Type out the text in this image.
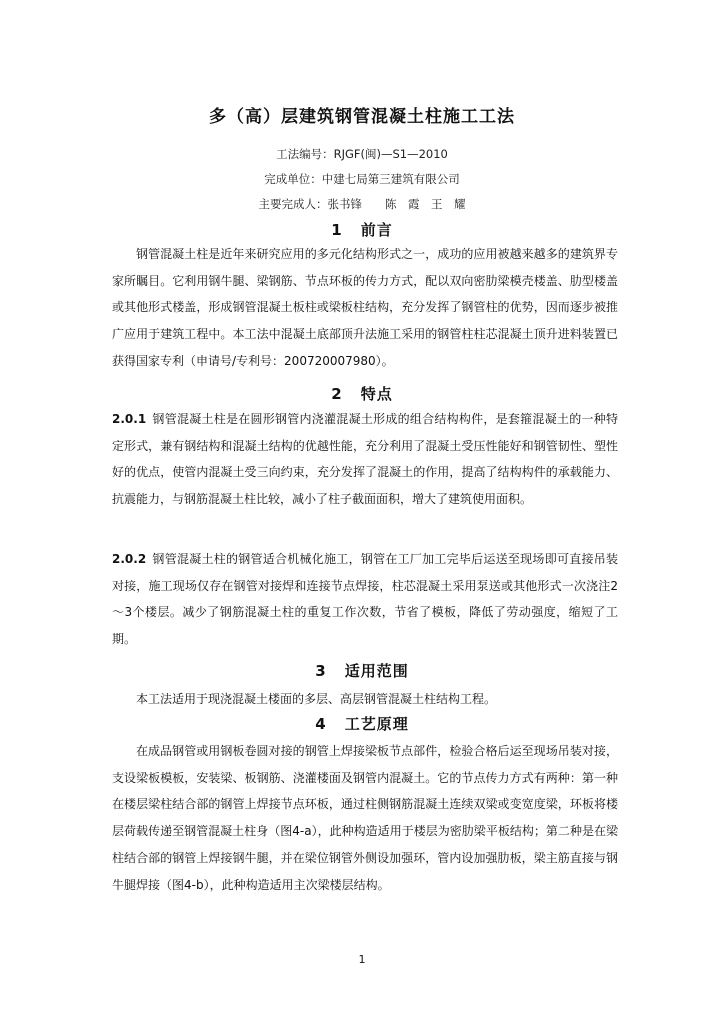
多（高）层建筑钢管混凝土柱施工工法
工法编号：RJGF(闽)—S1—2010
完成单位：中建七局第三建筑有限公司
主要完成人：张书锋　　陈　霞　王　耀
1 前言
钢管混凝土柱是近年来研究应用的多元化结构形式之一，成功的应用被越来越多的建筑界专家所瞩目。它利用钢牛腿、梁钢筋、节点环板的传力方式，配以双向密肋梁模壳楼盖、肋型楼盖或其他形式楼盖，形成钢管混凝土板柱或梁板柱结构，充分发挥了钢管柱的优势，因而逐步被推广应用于建筑工程中。本工法中混凝土底部顶升法施工采用的钢管柱柱芯混凝土顶升进料装置已获得国家专利（申请号/专利号：200720007980）。
2 特点
2.0.1 钢管混凝土柱是在圆形钢管内浇灌混凝土形成的组合结构构件，是套箍混凝土的一种特定形式，兼有钢结构和混凝土结构的优越性能，充分利用了混凝土受压性能好和钢管韧性、塑性好的优点，使管内混凝土受三向约束，充分发挥了混凝土的作用，提高了结构构件的承载能力、抗震能力，与钢筋混凝土柱比较，减小了柱子截面面积，增大了建筑使用面积。
2.0.2 钢管混凝土柱的钢管适合机械化施工，钢管在工厂加工完毕后运送至现场即可直接吊装对接，施工现场仅存在钢管对接焊和连接节点焊接，柱芯混凝土采用泵送或其他形式一次浇注2～3个楼层。减少了钢筋混凝土柱的重复工作次数，节省了模板，降低了劳动强度，缩短了工期。
3 适用范围
本工法适用于现浇混凝土楼面的多层、高层钢管混凝土柱结构工程。
4 工艺原理
在成品钢管或用钢板卷圆对接的钢管上焊接梁板节点部件，检验合格后运至现场吊装对接，支设梁板模板，安装梁、板钢筋、浇灌楼面及钢管内混凝土。它的节点传力方式有两种：第一种在楼层梁柱结合部的钢管上焊接节点环板，通过柱侧钢筋混凝土连续双梁或变宽度梁，环板将楼层荷载传递至钢管混凝土柱身（图4-a），此种构造适用于楼层为密肋梁平板结构；第二种是在梁柱结合部的钢管上焊接钢牛腿，并在梁位钢管外侧设加强环，管内设加强肋板，梁主筋直接与钢牛腿焊接（图4-b），此种构造适用主次梁楼层结构。
1
